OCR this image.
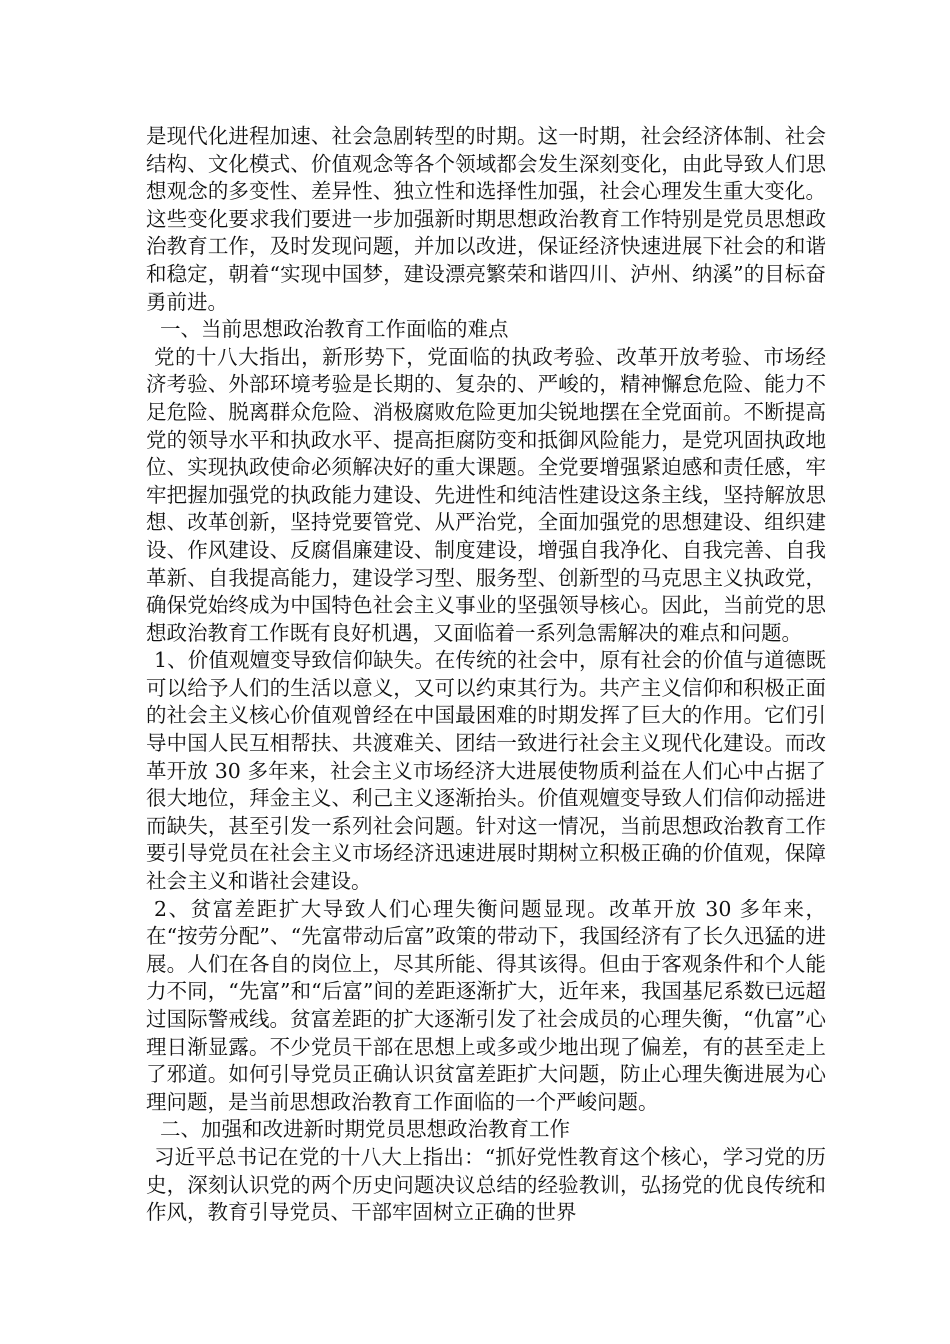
是现代化进程加速、社会急剧转型的时期。这一时期，社会经济体制、社会结构、文化模式、价值观念等各个领域都会发生深刻变化，由此导致人们思想观念的多变性、差异性、独立性和选择性加强，社会心理发生重大变化。这些变化要求我们要进一步加强新时期思想政治教育工作特别是党员思想政治教育工作，及时发现问题，并加以改进，保证经济快速进展下社会的和谐和稳定，朝着“实现中国梦，建设漂亮繁荣和谐四川、泸州、纳溪”的目标奋勇前进。

一、当前思想政治教育工作面临的难点

党的十八大指出，新形势下，党面临的执政考验、改革开放考验、市场经济考验、外部环境考验是长期的、复杂的、严峻的，精神懈怠危险、能力不足危险、脱离群众危险、消极腐败危险更加尖锐地摆在全党面前。不断提高党的领导水平和执政水平、提高拒腐防变和抵御风险能力，是党巩固执政地位、实现执政使命必须解决好的重大课题。全党要增强紧迫感和责任感，牢牢把握加强党的执政能力建设、先进性和纯洁性建设这条主线，坚持解放思想、改革创新，坚持党要管党、从严治党，全面加强党的思想建设、组织建设、作风建设、反腐倡廉建设、制度建设，增强自我净化、自我完善、自我革新、自我提高能力，建设学习型、服务型、创新型的马克思主义执政党，确保党始终成为中国特色社会主义事业的坚强领导核心。因此，当前党的思想政治教育工作既有良好机遇，又面临着一系列急需解决的难点和问题。

1、价值观嬗变导致信仰缺失。在传统的社会中，原有社会的价值与道德既可以给予人们的生活以意义，又可以约束其行为。共产主义信仰和积极正面的社会主义核心价值观曾经在中国最困难的时期发挥了巨大的作用。它们引导中国人民互相帮扶、共渡难关、团结一致进行社会主义现代化建设。而改革开放 30 多年来，社会主义市场经济大进展使物质利益在人们心中占据了很大地位，拜金主义、利己主义逐渐抬头。价值观嬗变导致人们信仰动摇进而缺失，甚至引发一系列社会问题。针对这一情况，当前思想政治教育工作要引导党员在社会主义市场经济迅速进展时期树立积极正确的价值观，保障社会主义和谐社会建设。

2、贫富差距扩大导致人们心理失衡问题显现。改革开放 30 多年来，在“按劳分配”、“先富带动后富”政策的带动下，我国经济有了长久迅猛的进展。人们在各自的岗位上，尽其所能、得其该得。但由于客观条件和个人能力不同，“先富”和“后富”间的差距逐渐扩大，近年来，我国基尼系数已远超过国际警戒线。贫富差距的扩大逐渐引发了社会成员的心理失衡，“仇富”心理日渐显露。不少党员干部在思想上或多或少地出现了偏差，有的甚至走上了邪道。如何引导党员正确认识贫富差距扩大问题，防止心理失衡进展为心理问题，是当前思想政治教育工作面临的一个严峻问题。

二、加强和改进新时期党员思想政治教育工作

习近平总书记在党的十八大上指出：“抓好党性教育这个核心，学习党的历史，深刻认识党的两个历史问题决议总结的经验教训，弘扬党的优良传统和作风，教育引导党员、干部牢固树立正确的世界
